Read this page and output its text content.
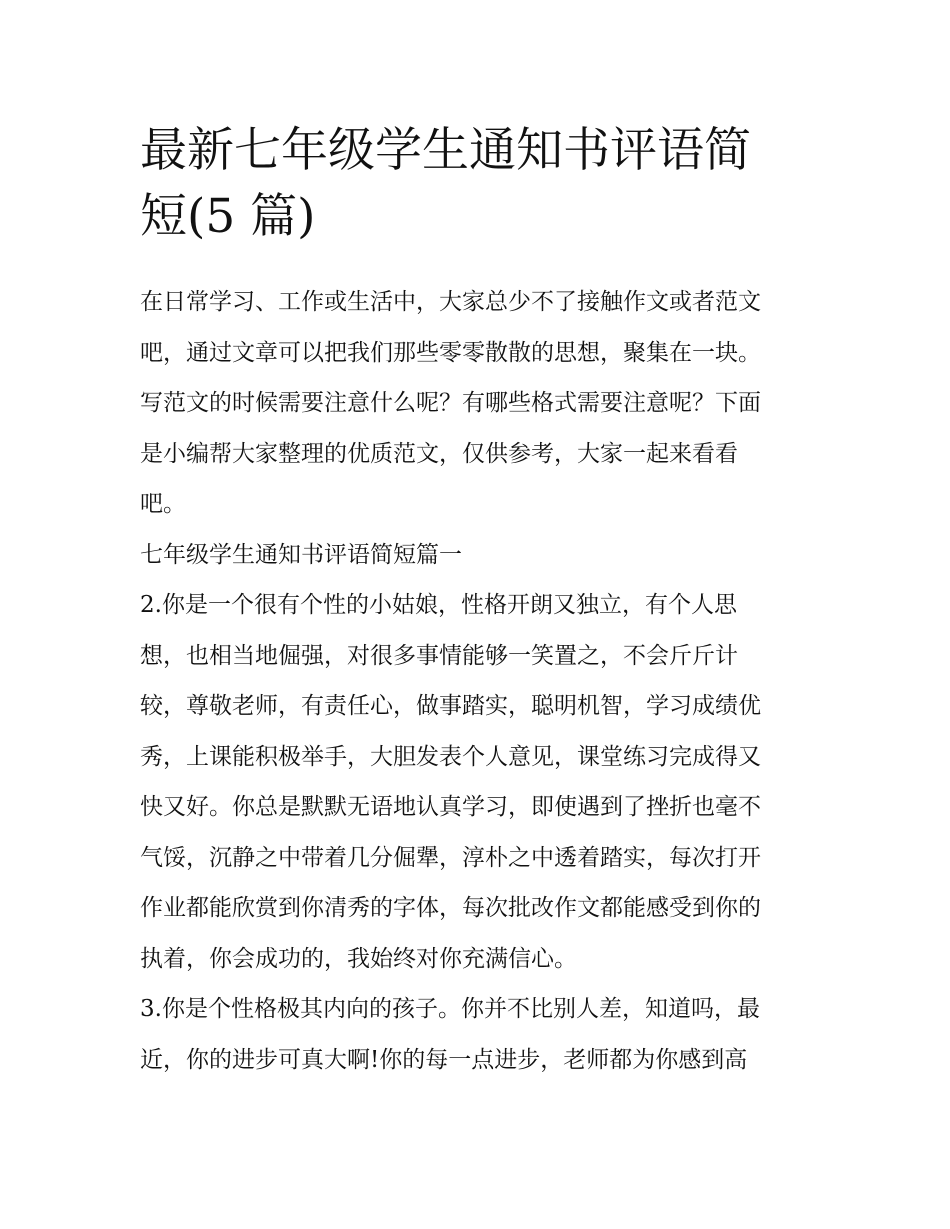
最新七年级学生通知书评语简
短(5 篇)

在日常学习、工作或生活中，大家总少不了接触作文或者范文
吧，通过文章可以把我们那些零零散散的思想，聚集在一块。
写范文的时候需要注意什么呢？有哪些格式需要注意呢？下面
是小编帮大家整理的优质范文，仅供参考，大家一起来看看
吧。

七年级学生通知书评语简短篇一

2.你是一个很有个性的小姑娘，性格开朗又独立，有个人思
想，也相当地倔强，对很多事情能够一笑置之，不会斤斤计
较，尊敬老师，有责任心，做事踏实，聪明机智，学习成绩优
秀，上课能积极举手，大胆发表个人意见，课堂练习完成得又
快又好。你总是默默无语地认真学习，即使遇到了挫折也毫不
气馁，沉静之中带着几分倔犟，淳朴之中透着踏实，每次打开
作业都能欣赏到你清秀的字体，每次批改作文都能感受到你的
执着，你会成功的，我始终对你充满信心。

3.你是个性格极其内向的孩子。你并不比别人差，知道吗，最
近，你的进步可真大啊!你的每一点进步，老师都为你感到高
